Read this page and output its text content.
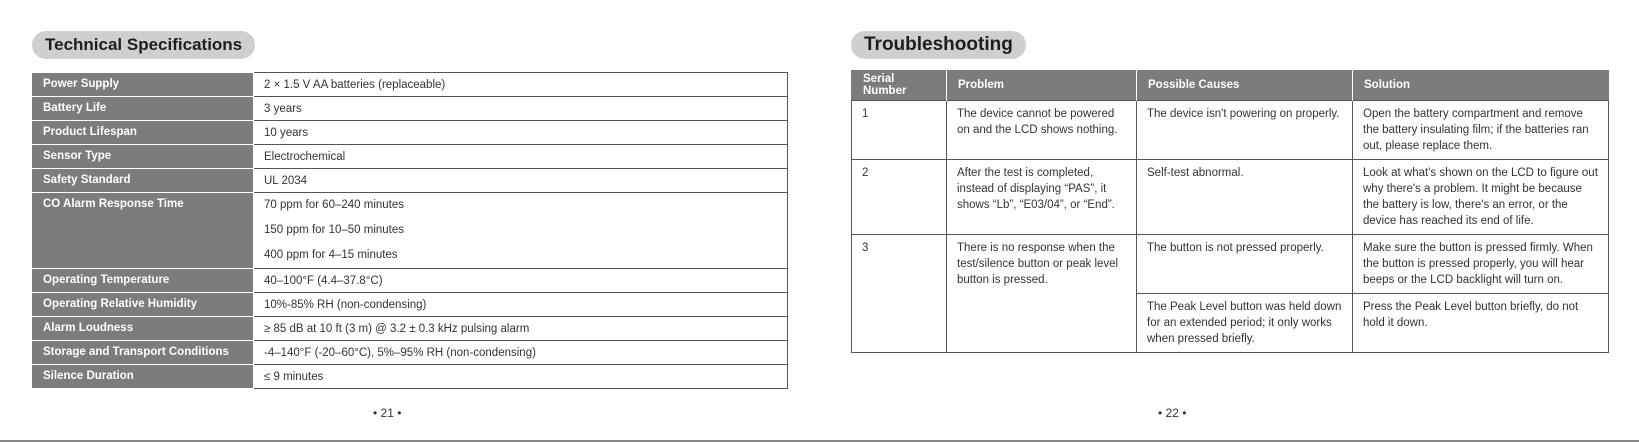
Technical Specifications
Power Supply	2 × 1.5 V AA batteries (replaceable)
Battery Life	3 years
Product Lifespan	10 years
Sensor Type	Electrochemical
Safety Standard	UL 2034
CO Alarm Response Time	70 ppm for 60–240 minutes
150 ppm for 10–50 minutes
400 ppm for 4–15 minutes

Operating Temperature	40–100°F (4.4–37.8°C)
Operating Relative Humidity	10%-85% RH (non-condensing)
Alarm Loudness	≥ 85 dB at 10 ft (3 m) @ 3.2 ± 0.3 kHz pulsing alarm
Storage and Transport Conditions	-4–140°F (-20–60°C), 5%–95% RH (non-condensing)
Silence Duration	≤ 9 minutes
• 21 •
Troubleshooting
Serial Number	Problem	Possible Causes	Solution
1	The device cannot be powered on and the LCD shows nothing.	The device isn't powering on properly.	Open the battery compartment and remove the battery insulating film; if the batteries ran out, please replace them.
2	After the test is completed, instead of displaying “PAS”, it shows “Lb”, “E03/04”, or “End”.	Self-test abnormal.	Look at what's shown on the LCD to figure out why there's a problem. It might be because the battery is low, there's an error, or the device has reached its end of life.
3	There is no response when the test/silence button or peak level button is pressed.	The button is not pressed properly.	Make sure the button is pressed firmly. When the button is pressed properly, you will hear beeps or the LCD backlight will turn on.
		The Peak Level button was held down for an extended period; it only works when pressed briefly.	Press the Peak Level button briefly, do not hold it down.
• 22 •
